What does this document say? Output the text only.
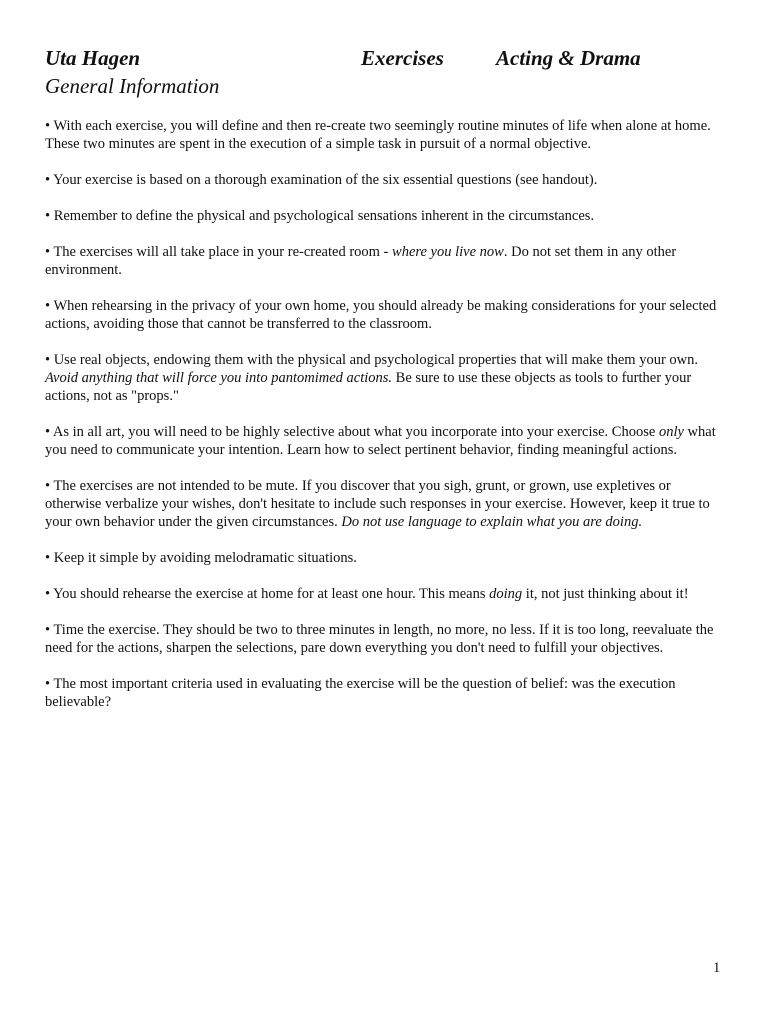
Uta Hagen	Exercises Acting & Drama
General Information

• With each exercise, you will define and then re-create two seemingly routine minutes of life when alone at home. These two minutes are spent in the execution of a simple task in pursuit of a normal objective.

• Your exercise is based on a thorough examination of the six essential questions (see handout).

• Remember to define the physical and psychological sensations inherent in the circumstances.

• The exercises will all take place in your re-created room - where you live now. Do not set them in any other environment.

• When rehearsing in the privacy of your own home, you should already be making considerations for your selected actions, avoiding those that cannot be transferred to the classroom.

• Use real objects, endowing them with the physical and psychological properties that will make them your own. Avoid anything that will force you into pantomimed actions. Be sure to use these objects as tools to further your actions, not as "props."

• As in all art, you will need to be highly selective about what you incorporate into your exercise. Choose only what you need to communicate your intention. Learn how to select pertinent behavior, finding meaningful actions.

• The exercises are not intended to be mute. If you discover that you sigh, grunt, or grown, use expletives or otherwise verbalize your wishes, don't hesitate to include such responses in your exercise. However, keep it true to your own behavior under the given circumstances. Do not use language to explain what you are doing.

• Keep it simple by avoiding melodramatic situations.

• You should rehearse the exercise at home for at least one hour. This means doing it, not just thinking about it!

• Time the exercise. They should be two to three minutes in length, no more, no less. If it is too long, reevaluate the need for the actions, sharpen the selections, pare down everything you don't need to fulfill your objectives.

• The most important criteria used in evaluating the exercise will be the question of belief: was the execution believable?

1
